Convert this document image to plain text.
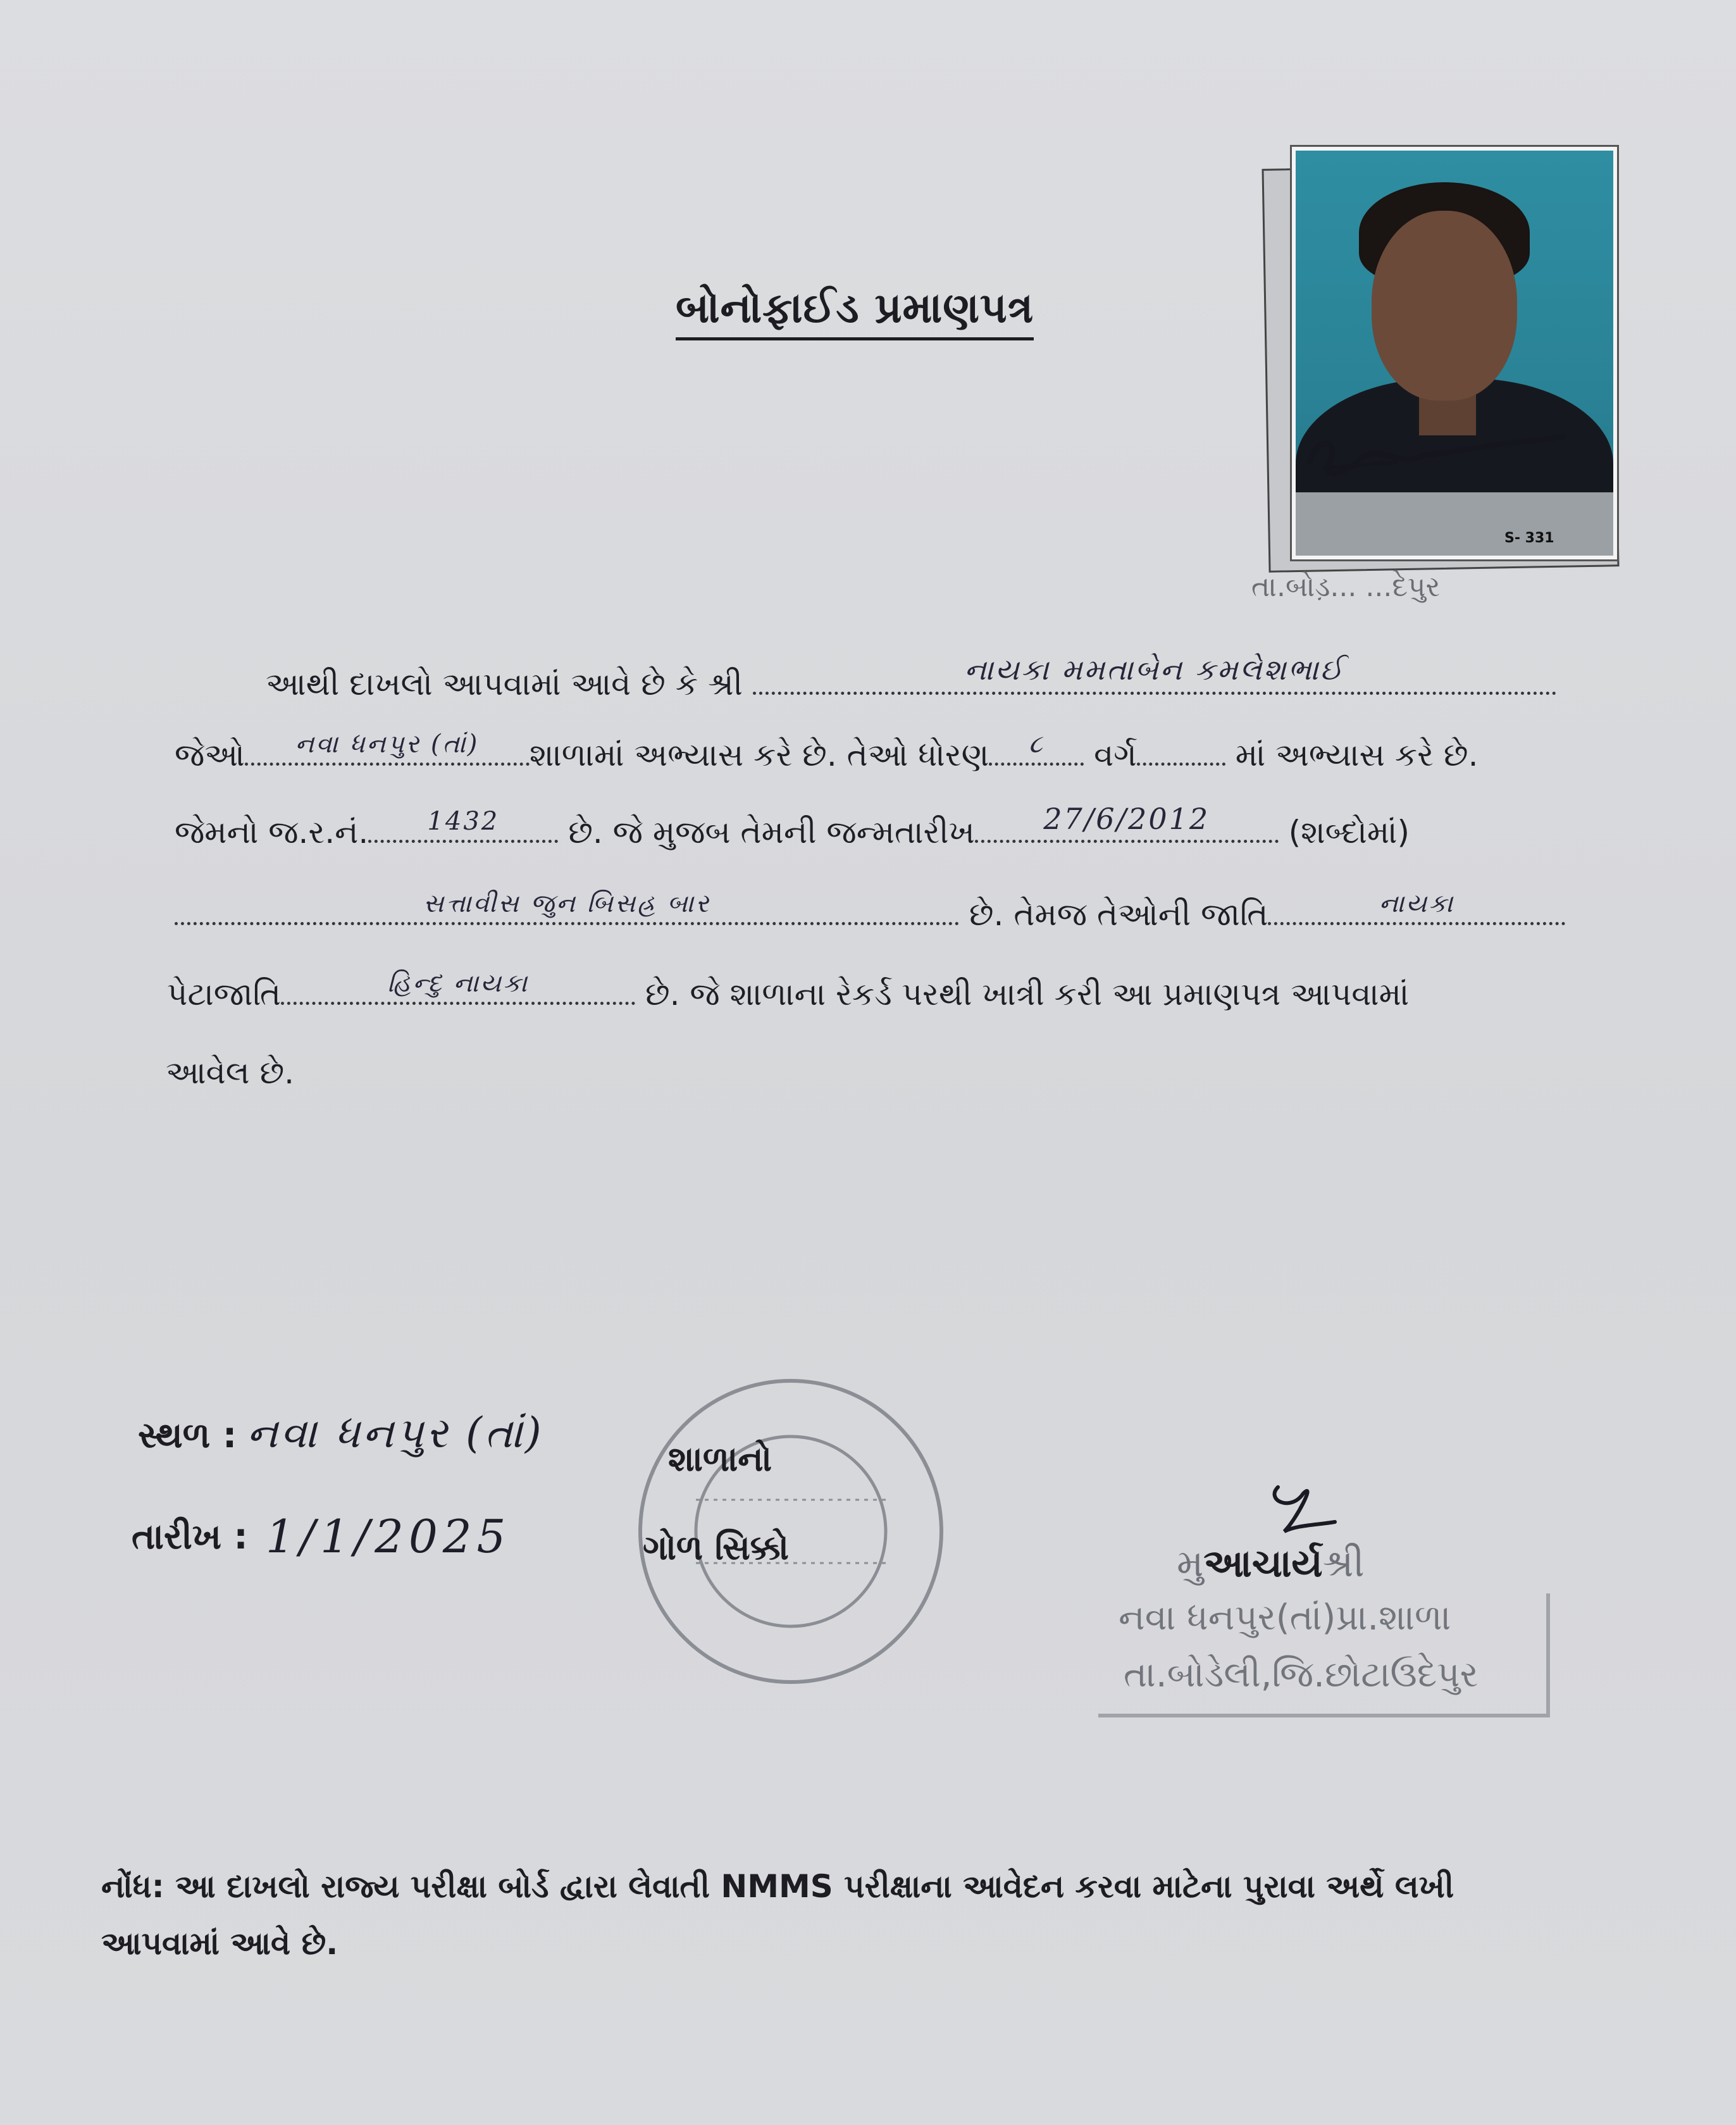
બોનોફાઈડ પ્રમાણપત્ર
S- 331
તા.બોડ઼... ...દેપુર
આથી દાખલો આપવામાં આવે છે કે શ્રી	નાયકા મમતાબેન કમલેશભાઈ
જેઓ	નવા ધનપુર (તાં)	શાળામાં અભ્યાસ કરે છે. તેઓ ધોરણ	૮	વર્ગ	માં અભ્યાસ કરે છે.
જેમનો જ.ર.નં.	1432	છે. જે મુજબ તેમની જન્મતારીખ	27/6/2012	(શબ્દોમાં)
સત્તાવીસ જુન બિસહ્ર બાર	છે. તેમજ તેઓની જાતિ	નાયકા
પેટાજાતિ	હિન્દુ નાયકા	છે. જે શાળાના રેકર્ડ પરથી ખાત્રી કરી આ પ્રમાણપત્ર આપવામાં
આવેલ છે.
સ્થળ : નવા ધનપુર (તાં)
તારીખ : 1/1/2025
શાળાનો
ગોળ સિક્કો	મુઆચાર્યશ્રી
નવા ધનપુર(તાં)પ્રા.શાળા
તા.બોડેલી,જિ.છોટાઉદેપુર
નોંધ: આ દાખલો રાજ્ય પરીક્ષા બોર્ડ દ્વારા લેવાતી NMMS પરીક્ષાના આવેદન કરવા માટેના પુરાવા અર્થે લખી
આપવામાં આવે છે.
